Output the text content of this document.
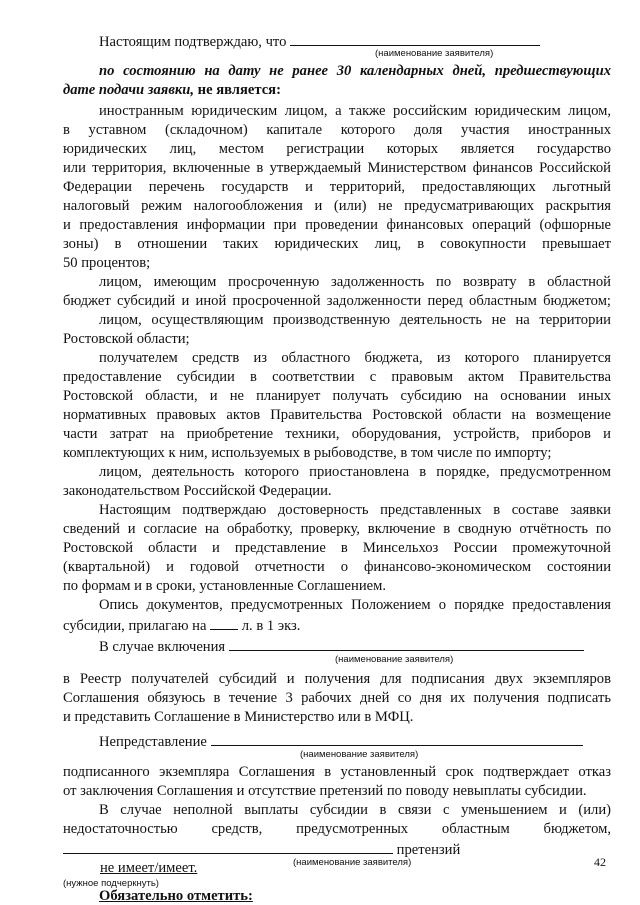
Настоящим подтверждаю, что
(наименование заявителя)
по состоянию на дату не ранее 30 календарных дней, предшествующих
дате подачи заявки, не является:
иностранным юридическим лицом, а также российским юридическим лицом,
в уставном (складочном) капитале которого доля участия иностранных
юридических лиц, местом регистрации которых является государство
или территория, включенные в утверждаемый Министерством финансов Российской
Федерации перечень государств и территорий, предоставляющих льготный
налоговый режим налогообложения и (или) не предусматривающих раскрытия
и предоставления информации при проведении финансовых операций (офшорные
зоны) в отношении таких юридических лиц, в совокупности превышает
50 процентов;
лицом, имеющим просроченную задолженность по возврату в областной
бюджет субсидий и иной просроченной задолженности перед областным бюджетом;
лицом, осуществляющим производственную деятельность не на территории
Ростовской области;
получателем средств из областного бюджета, из которого планируется
предоставление субсидии в соответствии с правовым актом Правительства
Ростовской области, и не планирует получать субсидию на основании иных
нормативных правовых актов Правительства Ростовской области на возмещение
части затрат на приобретение техники, оборудования, устройств, приборов и
комплектующих к ним, используемых в рыбоводстве, в том числе по импорту;
лицом, деятельность которого приостановлена в порядке, предусмотренном
законодательством Российской Федерации.
Настоящим подтверждаю достоверность представленных в составе заявки
сведений и согласие на обработку, проверку, включение в сводную отчётность по
Ростовской области и представление в Минсельхоз России промежуточной
(квартальной) и годовой отчетности о финансово-экономическом состоянии
по формам и в сроки, установленные Соглашением.
Опись документов, предусмотренных Положением о порядке предоставления
субсидии, прилагаю на л. в 1 экз.
В случае включения
(наименование заявителя)
в Реестр получателей субсидий и получения для подписания двух экземпляров
Соглашения обязуюсь в течение 3 рабочих дней со дня их получения подписать
и представить Соглашение в Министерство или в МФЦ.
Непредставление
(наименование заявителя)
подписанного экземпляра Соглашения в установленный срок подтверждает отказ
от заключения Соглашения и отсутствие претензий по поводу невыплаты субсидии.
В случае неполной выплаты субсидии в связи с уменьшением и (или)
недостаточностью средств, предусмотренных областным бюджетом,
претензий
(наименование заявителя)
не имеет/имеет.
(нужное подчеркнуть)
42
Обязательно отметить:
